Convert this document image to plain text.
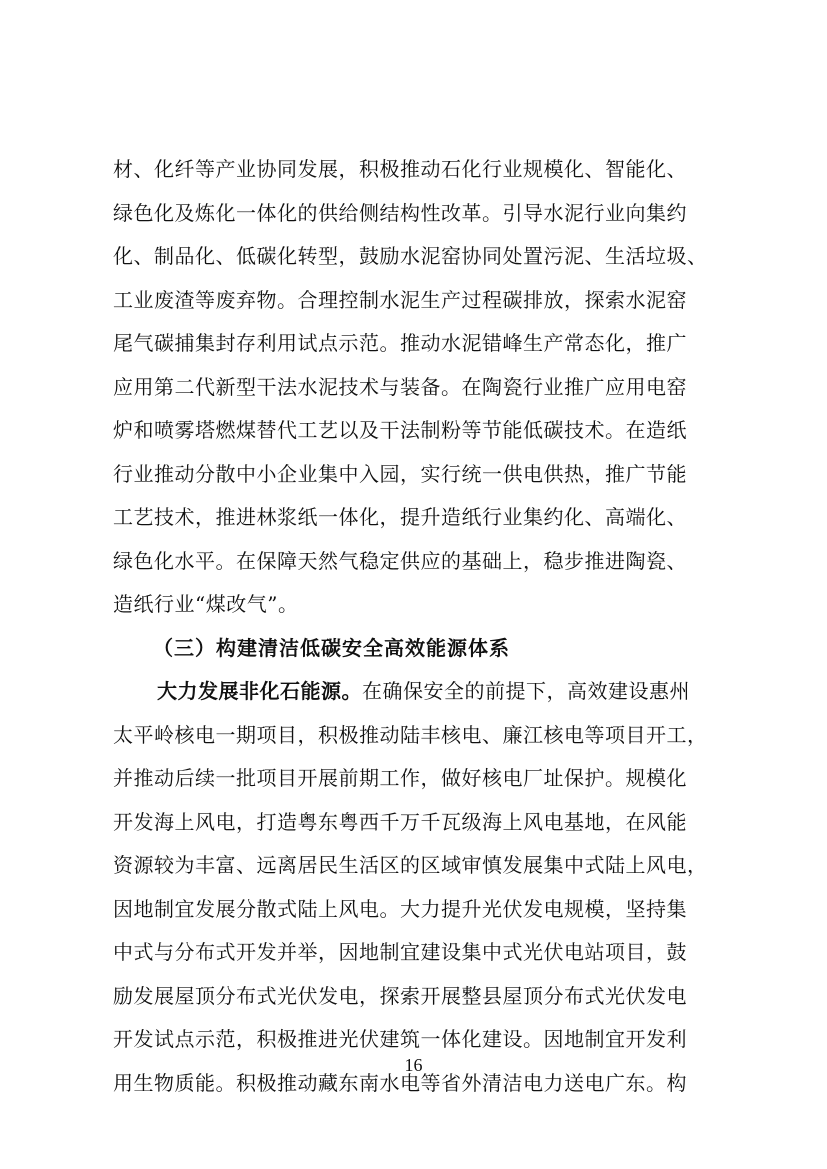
材、化纤等产业协同发展，积极推动石化行业规模化、智能化、
绿色化及炼化一体化的供给侧结构性改革。引导水泥行业向集约
化、制品化、低碳化转型，鼓励水泥窑协同处置污泥、生活垃圾、
工业废渣等废弃物。合理控制水泥生产过程碳排放，探索水泥窑
尾气碳捕集封存利用试点示范。推动水泥错峰生产常态化，推广
应用第二代新型干法水泥技术与装备。在陶瓷行业推广应用电窑
炉和喷雾塔燃煤替代工艺以及干法制粉等节能低碳技术。在造纸
行业推动分散中小企业集中入园，实行统一供电供热，推广节能
工艺技术，推进林浆纸一体化，提升造纸行业集约化、高端化、
绿色化水平。在保障天然气稳定供应的基础上，稳步推进陶瓷、
造纸行业“煤改气”。
（三）构建清洁低碳安全高效能源体系
大力发展非化石能源。在确保安全的前提下，高效建设惠州
16
太平岭核电一期项目，积极推动陆丰核电、廉江核电等项目开工，
并推动后续一批项目开展前期工作，做好核电厂址保护。规模化
开发海上风电，打造粤东粤西千万千瓦级海上风电基地，在风能
资源较为丰富、远离居民生活区的区域审慎发展集中式陆上风电，
因地制宜发展分散式陆上风电。大力提升光伏发电规模，坚持集
中式与分布式开发并举，因地制宜建设集中式光伏电站项目，鼓
励发展屋顶分布式光伏发电，探索开展整县屋顶分布式光伏发电
开发试点示范，积极推进光伏建筑一体化建设。因地制宜开发利
用生物质能。积极推动藏东南水电等省外清洁电力送电广东。构
